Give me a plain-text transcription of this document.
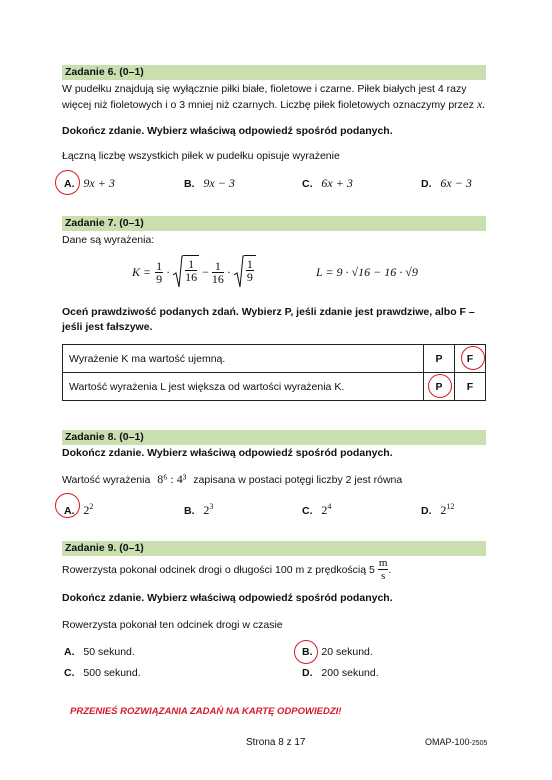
Zadanie 6. (0–1)
W pudełku znajdują się wyłącznie piłki białe, fioletowe i czarne. Piłek białych jest 4 razy
więcej niż fioletowych i o 3 mniej niż czarnych. Liczbę piłek fioletowych oznaczymy przez x.
Dokończ zdanie. Wybierz właściwą odpowiedź spośród podanych.
Łączną liczbę wszystkich piłek w pudełku opisuje wyrażenie
A. 9x + 3	B. 9x − 3	C. 6x + 3	D. 6x − 3
Zadanie 7. (0–1)
Dane są wyrażenia:
$K = \frac{1}{9} \cdot \frac{1}{16} - \frac{1}{16} \cdot \frac{1}{9}$	L = 9 · √16 − 16 · √9
Oceń prawdziwość podanych zdań. Wybierz P, jeśli zdanie jest prawdziwe, albo F –
jeśli jest fałszywe.
Wyrażenie K ma wartość ujemną.	P	F
Wartość wyrażenia L jest większa od wartości wyrażenia K.	P	F
Zadanie 8. (0–1)
Dokończ zdanie. Wybierz właściwą odpowiedź spośród podanych.
Wartość wyrażenia 8⁶ : 4³ zapisana w postaci potęgi liczby 2 jest równa
A. $2^2$	B. $2^3$	C. $2^4$	D. $2^{12}$
Zadanie 9. (0–1)
Rowerzysta pokonał odcinek drogi o długości 100 m z prędkością $5 \frac{m}{s}$ .
Dokończ zdanie. Wybierz właściwą odpowiedź spośród podanych.
Rowerzysta pokonał ten odcinek drogi w czasie
A. 50 sekund.	B. 20 sekund.
C. 500 sekund.	D. 200 sekund.
PRZENIEŚ ROZWIĄZANIA ZADAŃ NA KARTĘ ODPOWIEDZI!
Strona 8 z 17	OMAP-100-2505
